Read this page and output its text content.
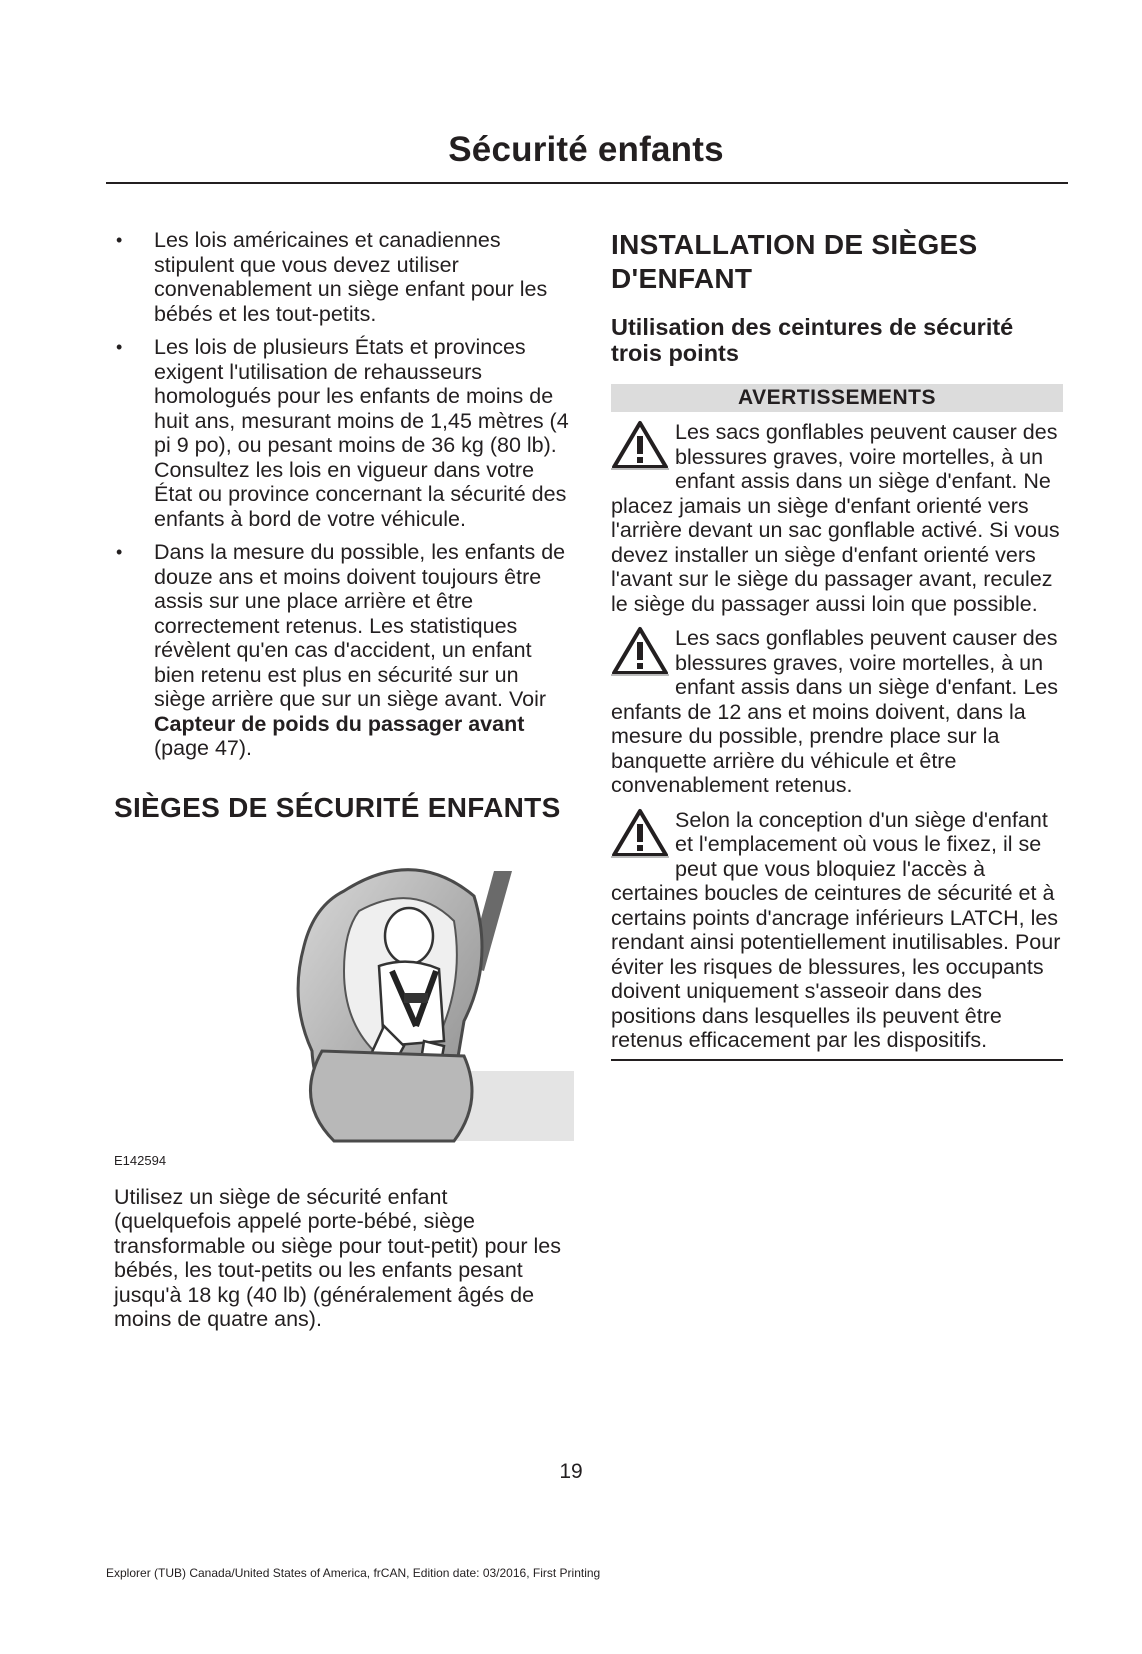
Sécurité enfants
• Les lois américaines et canadiennes stipulent que vous devez utiliser convenablement un siège enfant pour les bébés et les tout-petits.
• Les lois de plusieurs États et provinces exigent l'utilisation de rehausseurs homologués pour les enfants de moins de huit ans, mesurant moins de 1,45 mètres (4 pi 9 po), ou pesant moins de 36 kg (80 lb). Consultez les lois en vigueur dans votre État ou province concernant la sécurité des enfants à bord de votre véhicule.
• Dans la mesure du possible, les enfants de douze ans et moins doivent toujours être assis sur une place arrière et être correctement retenus. Les statistiques révèlent qu'en cas d'accident, un enfant bien retenu est plus en sécurité sur un siège arrière que sur un siège avant. Voir Capteur de poids du passager avant (page 47).
SIÈGES DE SÉCURITÉ ENFANTS
E142594

Utilisez un siège de sécurité enfant (quelquefois appelé porte-bébé, siège transformable ou siège pour tout-petit) pour les bébés, les tout-petits ou les enfants pesant jusqu'à 18 kg (40 lb) (généralement âgés de moins de quatre ans).

INSTALLATION DE SIÈGES D'ENFANT
Utilisation des ceintures de sécurité trois points
AVERTISSEMENTS

Les sacs gonflables peuvent causer des blessures graves, voire mortelles, à un enfant assis dans un siège d'enfant. Ne placez jamais un siège d'enfant orienté vers l'arrière devant un sac gonflable activé. Si vous devez installer un siège d'enfant orienté vers l'avant sur le siège du passager avant, reculez le siège du passager aussi loin que possible.

Les sacs gonflables peuvent causer des blessures graves, voire mortelles, à un enfant assis dans un siège d'enfant. Les enfants de 12 ans et moins doivent, dans la mesure du possible, prendre place sur la banquette arrière du véhicule et être convenablement retenus.

Selon la conception d'un siège d'enfant et l'emplacement où vous le fixez, il se peut que vous bloquiez l'accès à certaines boucles de ceintures de sécurité et à certains points d'ancrage inférieurs LATCH, les rendant ainsi potentiellement inutilisables. Pour éviter les risques de blessures, les occupants doivent uniquement s'asseoir dans des positions dans lesquelles ils peuvent être retenus efficacement par les dispositifs.

19
Explorer (TUB) Canada/United States of America, frCAN, Edition date: 03/2016, First Printing
